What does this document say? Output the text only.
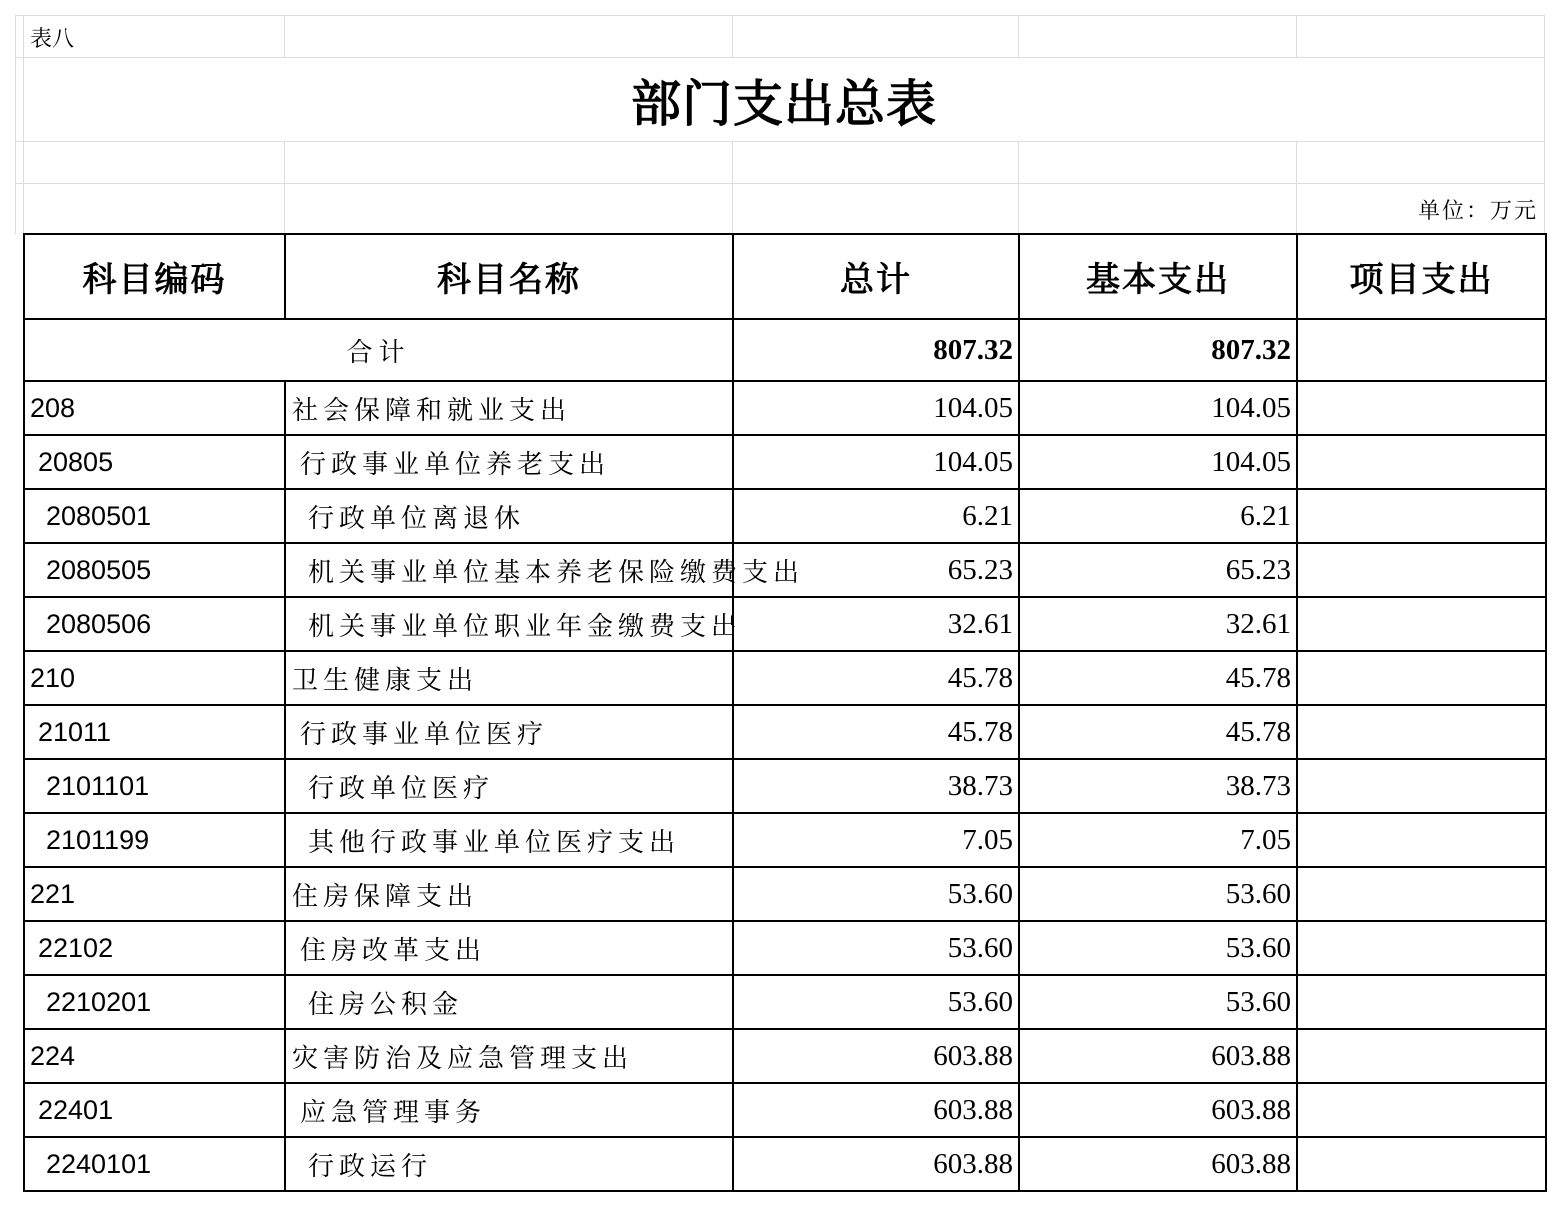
表八
部门支出总表
单位：万元
科目编码	科目名称	总计	基本支出	项目支出
合计		807.32	807.32	
208	社会保障和就业支出	104.05	104.05	
20805	行政事业单位养老支出	104.05	104.05	
2080501	行政单位离退休	6.21	6.21	
2080505	机关事业单位基本养老保险缴费支出	65.23	65.23	
2080506	机关事业单位职业年金缴费支出	32.61	32.61	
210	卫生健康支出	45.78	45.78	
21011	行政事业单位医疗	45.78	45.78	
2101101	行政单位医疗	38.73	38.73	
2101199	其他行政事业单位医疗支出	7.05	7.05	
221	住房保障支出	53.60	53.60	
22102	住房改革支出	53.60	53.60	
2210201	住房公积金	53.60	53.60	
224	灾害防治及应急管理支出	603.88	603.88	
22401	应急管理事务	603.88	603.88	
2240101	行政运行	603.88	603.88	
